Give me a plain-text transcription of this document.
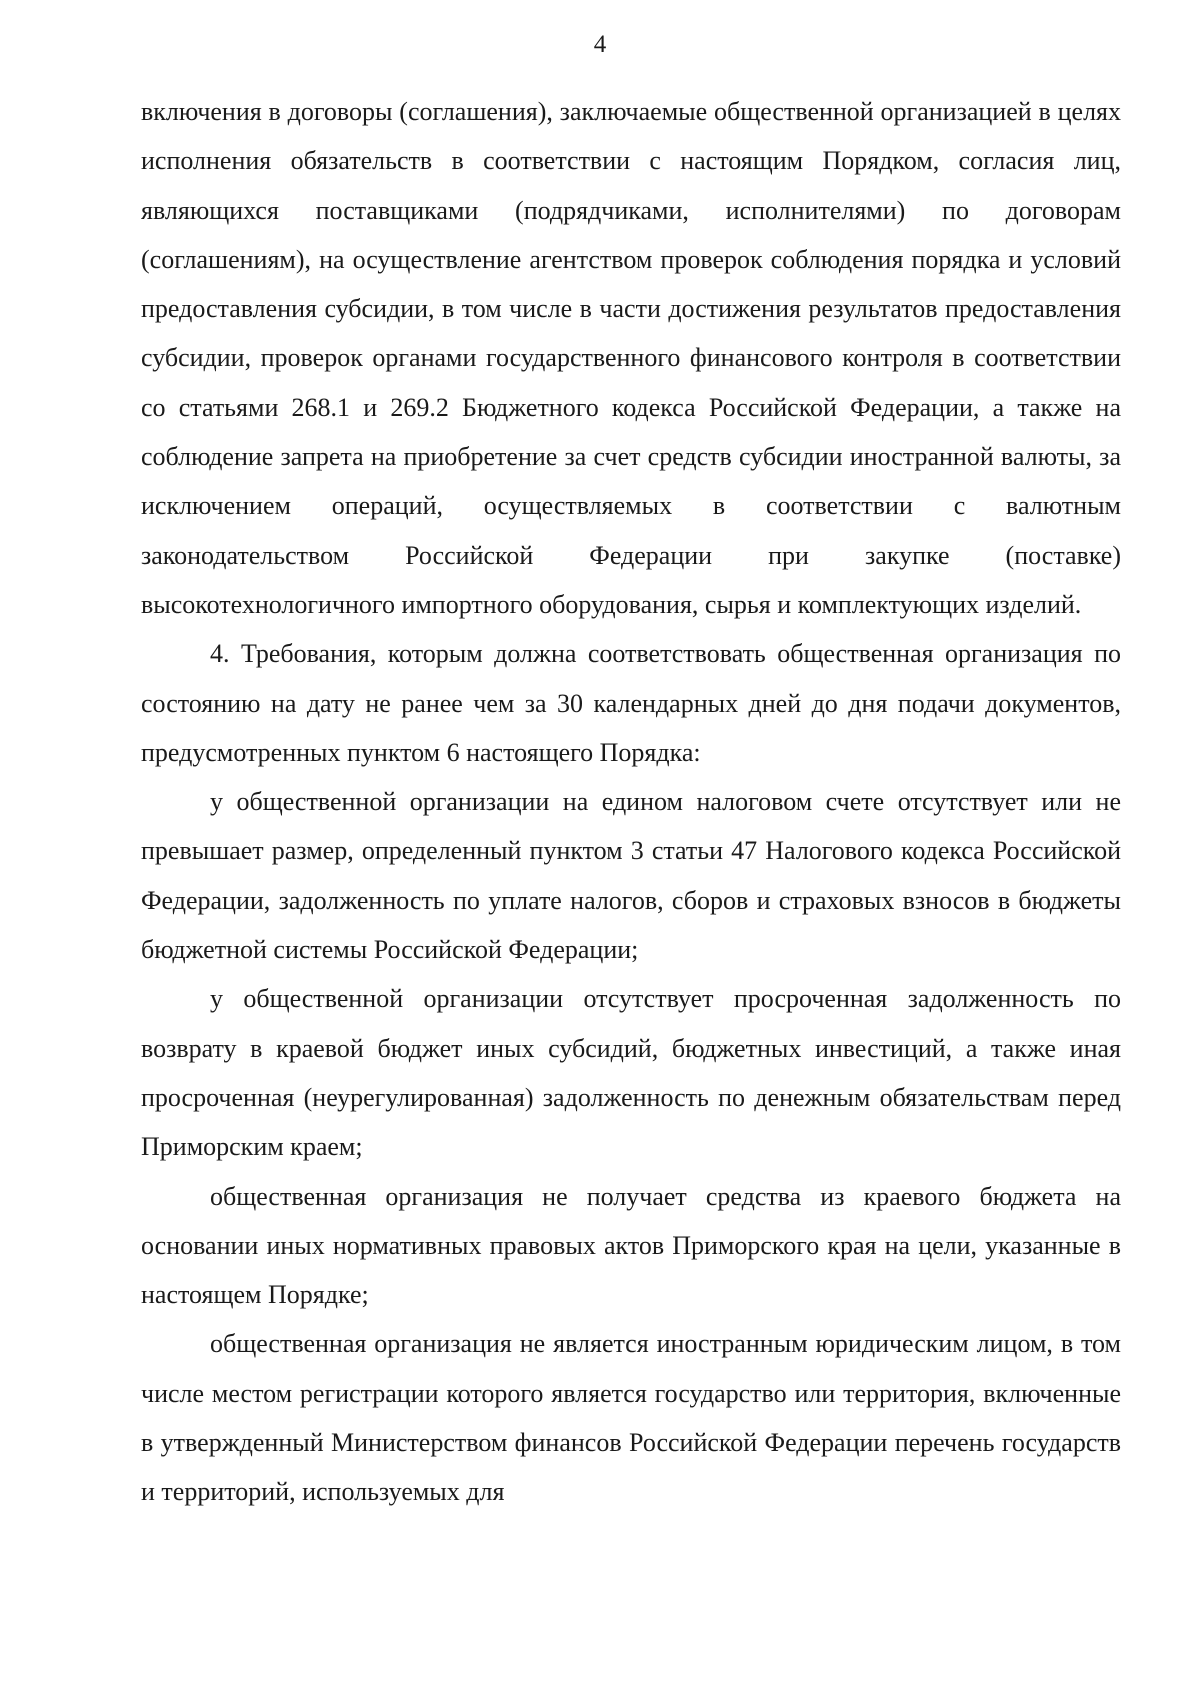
4

включения в договоры (соглашения), заключаемые общественной организацией в целях исполнения обязательств в соответствии с настоящим Порядком, согласия лиц, являющихся поставщиками (подрядчиками, исполнителями) по договорам (соглашениям), на осуществление агентством проверок соблюдения порядка и условий предоставления субсидии, в том числе в части достижения результатов предоставления субсидии, проверок органами государственного финансового контроля в соответствии со статьями 268.1 и 269.2 Бюджетного кодекса Российской Федерации, а также на соблюдение запрета на приобретение за счет средств субсидии иностранной валюты, за исключением операций, осуществляемых в соответствии с валютным законодательством Российской Федерации при закупке (поставке) высокотехнологичного импортного оборудования, сырья и комплектующих изделий.

4. Требования, которым должна соответствовать общественная организация по состоянию на дату не ранее чем за 30 календарных дней до дня подачи документов, предусмотренных пунктом 6 настоящего Порядка:

у общественной организации на едином налоговом счете отсутствует или не превышает размер, определенный пунктом 3 статьи 47 Налогового кодекса Российской Федерации, задолженность по уплате налогов, сборов и страховых взносов в бюджеты бюджетной системы Российской Федерации;

у общественной организации отсутствует просроченная задолженность по возврату в краевой бюджет иных субсидий, бюджетных инвестиций, а также иная просроченная (неурегулированная) задолженность по денежным обязательствам перед Приморским краем;

общественная организация не получает средства из краевого бюджета на основании иных нормативных правовых актов Приморского края на цели, указанные в настоящем Порядке;

общественная организация не является иностранным юридическим лицом, в том числе местом регистрации которого является государство или территория, включенные в утвержденный Министерством финансов Российской Федерации перечень государств и территорий, используемых для
